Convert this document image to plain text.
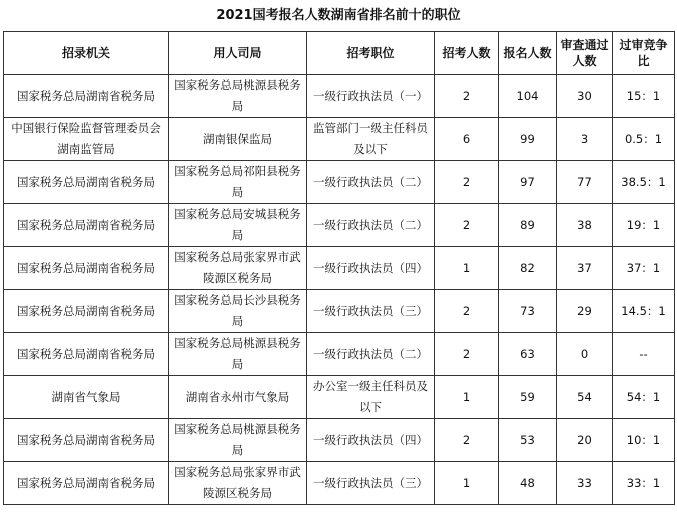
2021国考报名人数湖南省排名前十的职位
招录机关	用人司局	招考职位	招考人数	报名人数	审查通过人数	过审竞争比
国家税务总局湖南省税务局	国家税务总局桃源县税务局	一级行政执法员（一）	2	104	30	15：1
中国银行保险监督管理委员会湖南监管局	湖南银保监局	监管部门一级主任科员及以下	6	99	3	0.5：1
国家税务总局湖南省税务局	国家税务总局祁阳县税务局	一级行政执法员（二）	2	97	77	38.5：1
国家税务总局湖南省税务局	国家税务总局安城县税务局	一级行政执法员（二）	2	89	38	19：1
国家税务总局湖南省税务局	国家税务总局张家界市武陵源区税务局	一级行政执法员（四）	1	82	37	37：1
国家税务总局湖南省税务局	国家税务总局长沙县税务局	一级行政执法员（三）	2	73	29	14.5：1
国家税务总局湖南省税务局	国家税务总局桃源县税务局	一级行政执法员（二）	2	63	0	--
湖南省气象局	湖南省永州市气象局	办公室一级主任科员及以下	1	59	54	54：1
国家税务总局湖南省税务局	国家税务总局桃源县税务局	一级行政执法员（四）	2	53	20	10：1
国家税务总局湖南省税务局	国家税务总局张家界市武陵源区税务局	一级行政执法员（三）	1	48	33	33：1
